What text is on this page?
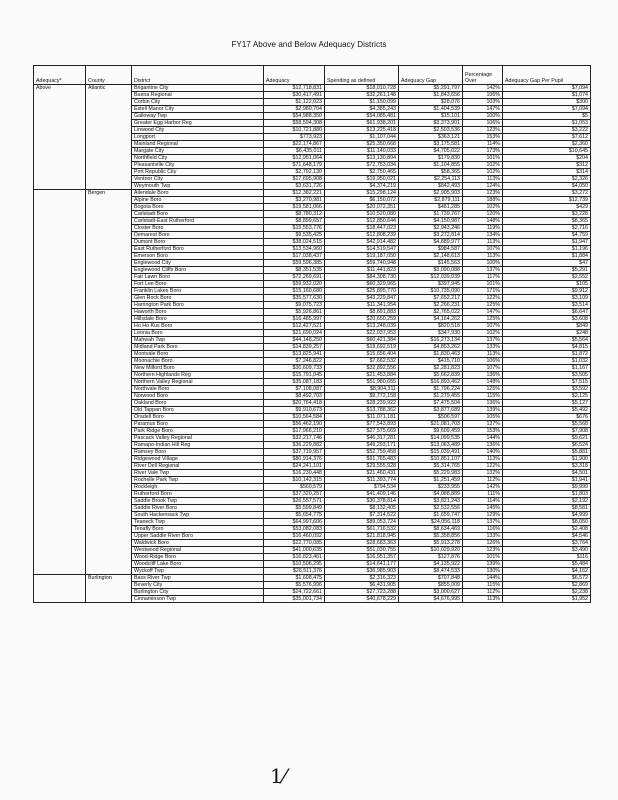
FY17 Above and Below Adequacy Districts
Adequacy*	County	District	Adequacy	Spending as defined	Adequacy Gap	Percentage Over	Adequacy Gap Per Pupil
Above	Atlantic	Brigantine City	$12,718,831	$18,010,728	$5,291,797	142%	$7,094
		Buena Regional	$30,417,491	$32,261,148	$1,843,656	106%	$1,074
		Corbin City	$1,122,023	$1,150,099	$28,076	103%	$300
		Estell Manor City	$2,980,704	$4,385,243	$1,404,539	147%	$7,094
		Galloway Twp	$54,988,350	$54,085,481	$15,101	100%	$5
		Greater Egg Harbor Reg	$58,594,308	$61,938,201	$3,373,901	106%	$1,053
		Linwood City	$10,721,880	$13,225,418	$2,503,536	123%	$3,222
		Longport	$773,923	$1,107,044	$363,121	153%	$7,612
		Mainland Regional	$22,174,867	$25,350,668	$3,175,581	114%	$2,360
		Margate City	$6,435,011	$11,140,033	$4,705,022	173%	$10,645
		Northfield City	$12,951,064	$13,130,894	$179,830	101%	$204
		Pleasantville City	$71,648,179	$72,753,034	$1,104,855	102%	$312
		Port Republic City	$2,792,130	$2,750,465	$58,365	102%	$314
		Ventnor City	$17,695,908	$19,950,021	$2,254,113	113%	$2,326
		Weymouth Twp	$3,631,726	$4,374,219	$842,493	124%	$4,050
	Bergen	Allendale Boro	$12,382,221	$15,298,124	$2,905,903	123%	$3,272
		Alpine Boro	$3,270,981	$6,150,072	$2,879,111	188%	$12,739
		Bogota Boro	$19,581,066	$20,072,351	$481,285	102%	$429
		Carlstadt Boro	$8,780,312	$10,520,080	$1,739,767	120%	$3,228
		Carlstadt-East Rutherford	$8,899,657	$12,850,644	$4,150,987	148%	$8,365
		Closter Boro	$15,553,776	$18,447,023	$2,943,246	119%	$2,716
		Demarest Boro	$9,535,425	$12,808,239	$3,272,814	134%	$4,759
		Dumont Boro	$38,024,515	$42,914,482	$4,889,977	113%	$1,947
		East Rutherford Boro	$13,534,960	$14,519,547	$984,587	107%	$1,196
		Emerson Boro	$17,038,437	$19,187,050	$2,148,613	113%	$1,884
		Englewood City	$59,596,385	$59,740,948	$145,563	100%	$47
		Englewood Cliffs Boro	$8,351,535	$11,441,823	$3,090,088	137%	$5,291
		Fair Lawn Boro	$72,269,691	$84,308,730	$12,039,039	117%	$2,552
		Fort Lee Boro	$59,932,020	$60,329,965	$397,945	101%	$105
		Franklin Lakes Boro	$15,160,680	$25,895,770	$10,735,090	171%	$9,912
		Glen Rock Boro	$35,577,630	$43,229,847	$7,652,217	122%	$3,109
		Harrington Park Boro	$9,075,723	$11,341,954	$2,266,231	125%	$3,514
		Haworth Boro	$5,926,861	$8,691,883	$2,765,022	147%	$6,647
		Hillsdale Boro	$16,485,997	$20,650,259	$4,164,262	125%	$3,608
		Ho Ho Kus Boro	$12,427,521	$13,248,039	$820,518	107%	$849
		Leonia Boro	$21,690,024	$22,037,953	$347,930	102%	$248
		Mahwah Twp	$44,148,250	$60,421,384	$16,273,134	137%	$5,564
		Midland Park Boro	$14,839,257	$19,692,519	$4,853,262	133%	$4,815
		Montvale Boro	$13,825,941	$15,656,404	$1,830,463	113%	$1,872
		Moonachie Boro	$7,246,822	$7,662,532	$415,710	106%	$1,032
		New Milford Boro	$30,609,733	$32,892,556	$2,281,823	107%	$1,167
		Northern Highlands Reg	$15,791,045	$21,453,884	$5,662,839	136%	$3,505
		Northern Valley Regional	$35,087,183	$51,980,655	$16,893,462	148%	$7,515
		Northvale Boro	$7,108,087	$8,904,311	$1,796,224	125%	$3,592
		Norwood Boro	$8,492,703	$9,772,158	$1,279,455	115%	$2,125
		Oakland Boro	$20,764,418	$28,239,922	$7,475,504	136%	$5,127
		Old Tappan Boro	$9,910,673	$13,788,362	$3,877,689	139%	$5,492
		Oradell Boro	$10,564,584	$11,071,181	$506,597	105%	$676
		Paramus Boro	$56,462,190	$77,543,893	$21,081,703	137%	$5,568
		Park Ridge Boro	$17,966,210	$27,575,669	$9,609,459	153%	$7,908
		Pascack Valley Regional	$32,217,746	$46,317,281	$14,099,535	144%	$9,621
		Ramapo-Indian Hill Reg	$36,229,882	$49,293,171	$13,063,489	136%	$6,524
		Ramsey Boro	$37,719,957	$52,759,458	$15,039,491	140%	$5,881
		Ridgewood Village	$80,914,376	$91,765,483	$10,851,107	113%	$1,900
		River Dell Regional	$24,241,101	$29,555,928	$5,314,765	122%	$3,318
		River Vale Twp	$16,230,448	$21,460,431	$5,229,983	132%	$4,501
		Rochelle Park Twp	$10,142,315	$11,393,774	$1,251,459	112%	$1,941
		Rockleigh	$560,579	$794,534	$233,955	142%	$9,999
		Rutherford Boro	$37,320,257	$41,409,146	$4,088,889	111%	$1,803
		Saddle Brook Twp	$26,557,571	$30,378,814	$3,821,243	114%	$2,192
		Saddle River Boro	$5,599,849	$8,132,405	$2,532,556	145%	$8,581
		South Hackensack Twp	$5,654,775	$7,314,522	$1,659,747	129%	$4,999
		Teaneck Twp	$64,997,606	$89,053,724	$24,056,118	137%	$8,050
		Tenafly Boro	$53,082,083	$61,716,532	$8,634,469	116%	$2,408
		Upper Saddle River Boro	$16,460,092	$21,818,945	$5,358,856	133%	$4,546
		Waldwick Boro	$22,770,085	$28,683,363	$5,913,278	126%	$3,764
		Westwood Regional	$41,000,635	$51,030,755	$10,029,920	123%	$3,490
		Wood-Ridge Boro	$16,823,461	$16,951,357	$127,876	101%	$116
		Woodcliff Lake Boro	$10,506,295	$14,641,177	$4,135,922	139%	$5,484
		Wyckoff Twp	$26,511,376	$36,985,903	$8,474,533	130%	$4,162
	Burlington	Bass River Twp	$1,608,475	$2,316,323	$707,848	144%	$6,572
		Beverly City	$5,576,996	$6,431,905	$855,009	115%	$2,869
		Burlington City	$24,722,661	$27,723,288	$3,000,627	112%	$2,238
		Cinnaminson Twp	$35,001,734	$40,678,229	$4,676,995	113%	$1,952
1⁄
